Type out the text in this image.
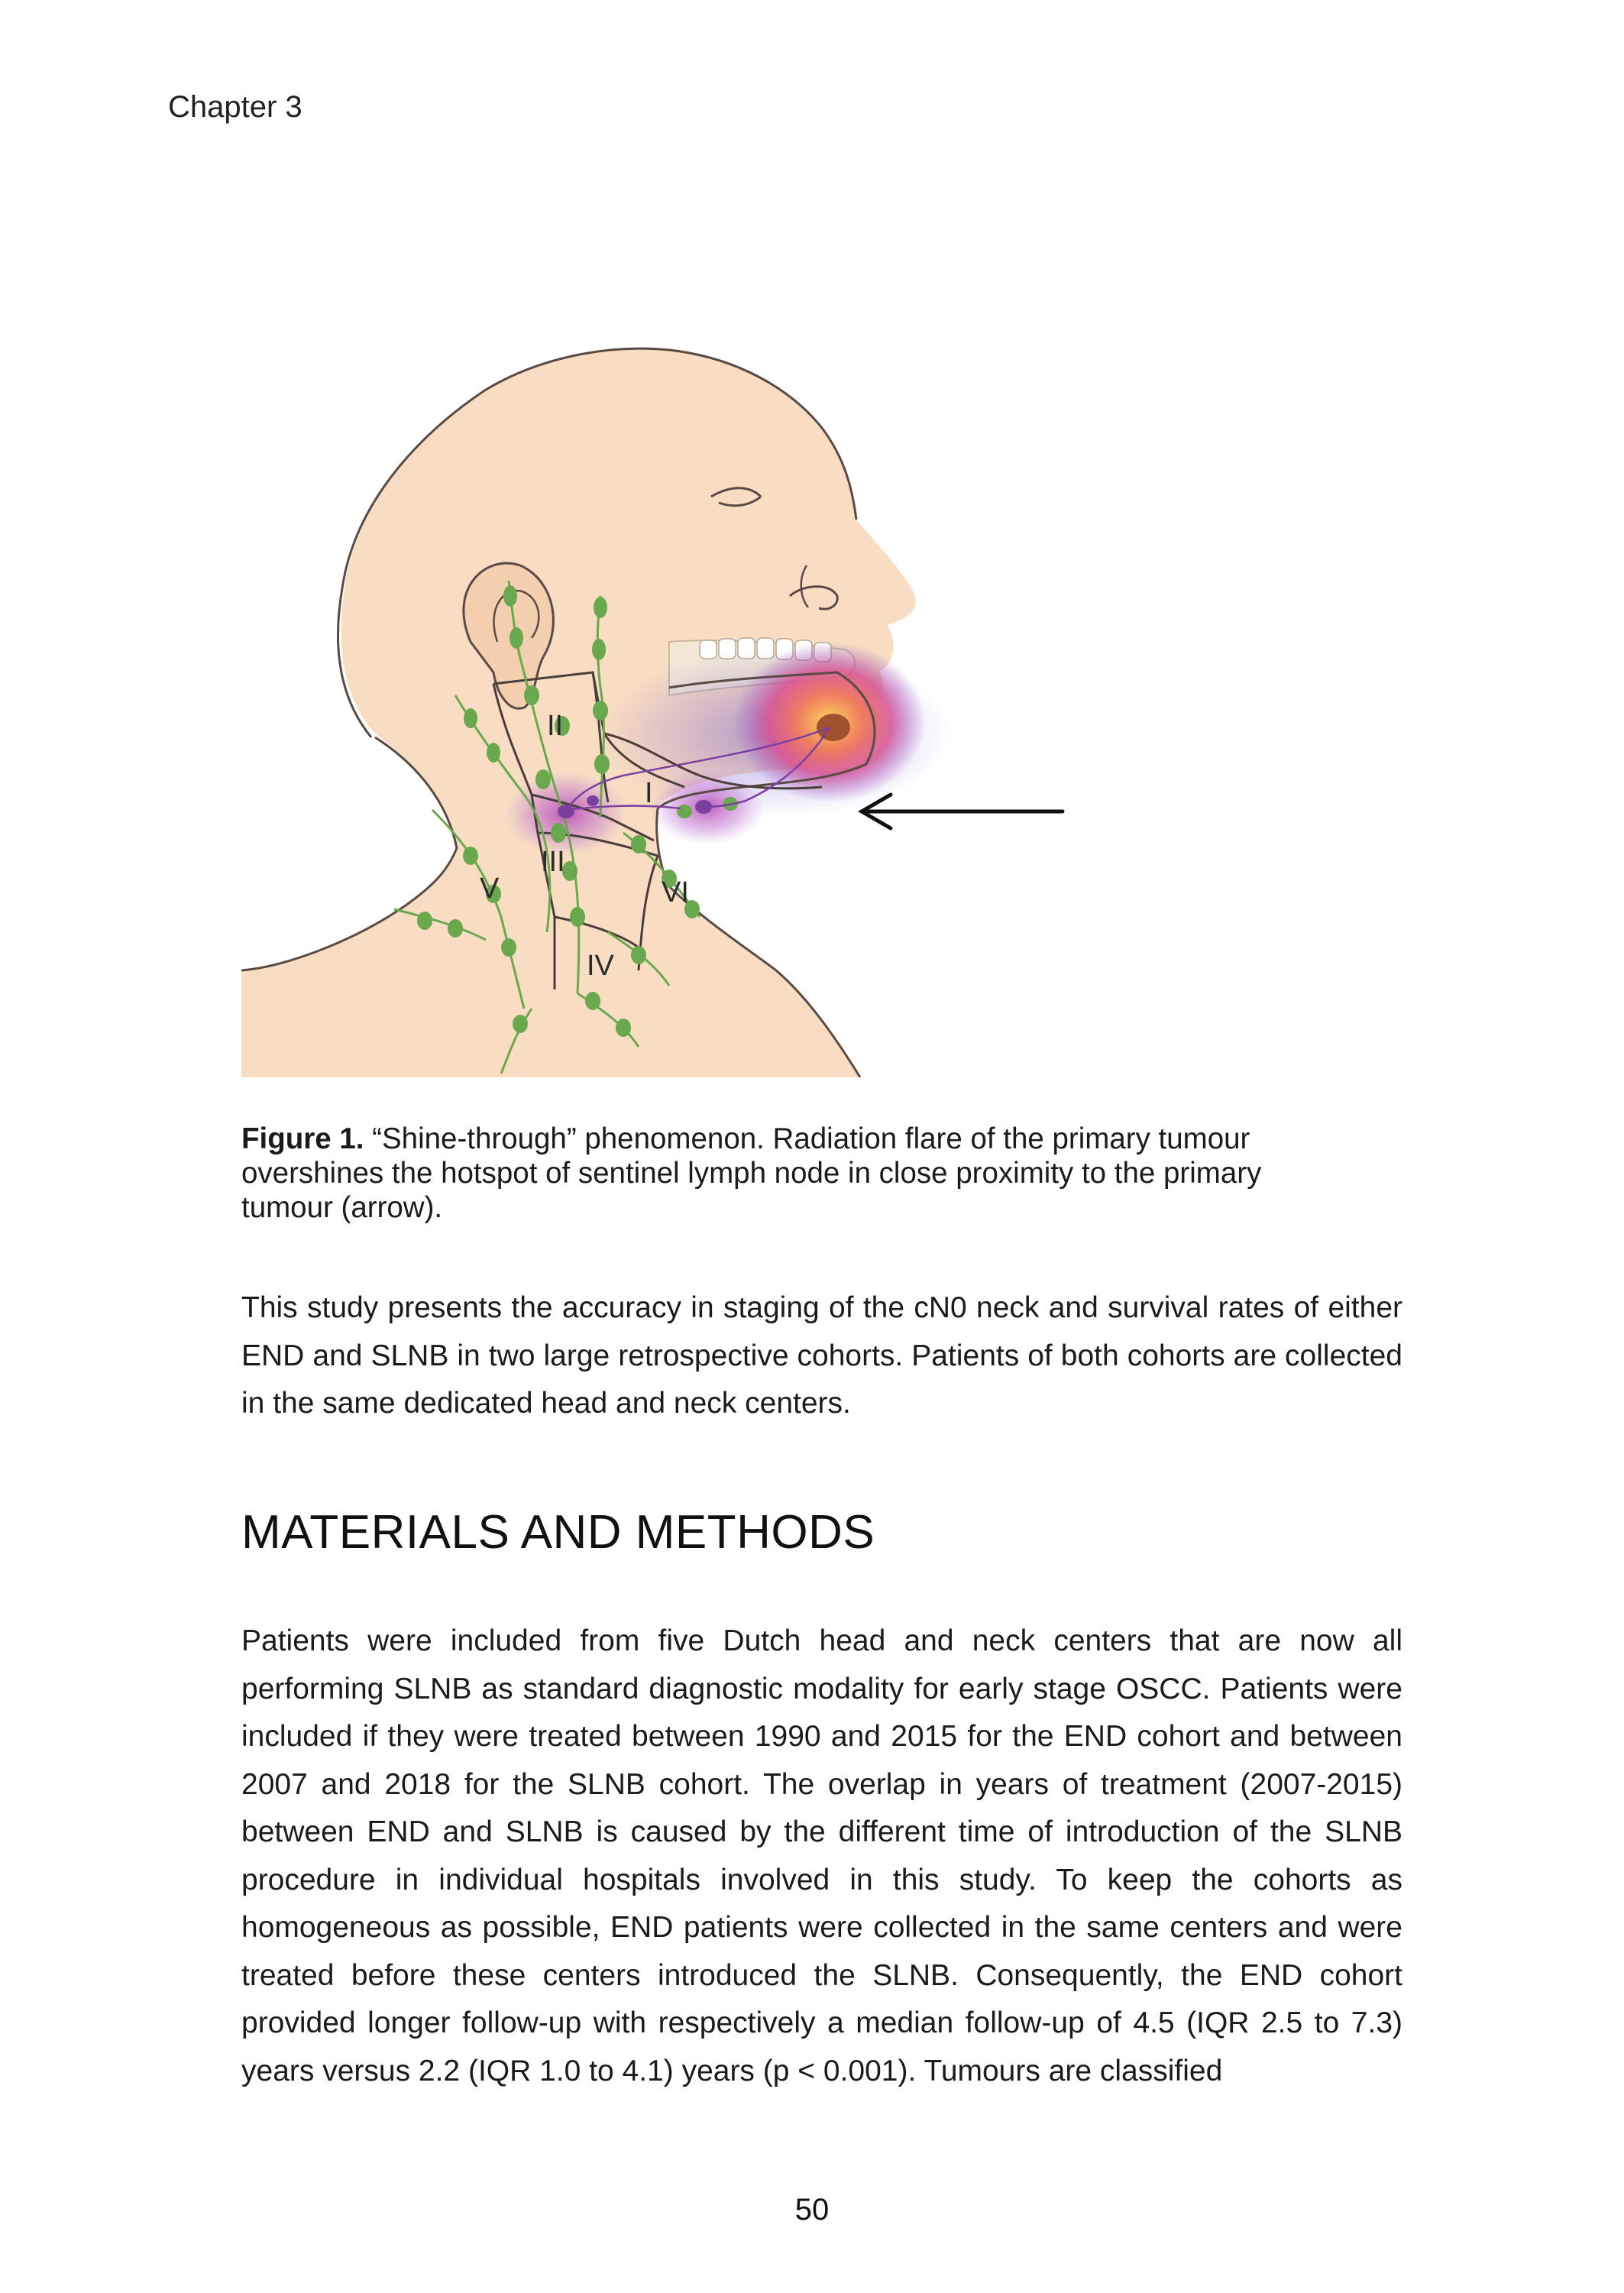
Chapter 3
II
I
III
V	VI
IV
Figure 1. “Shine-through” phenomenon. Radiation flare of the primary tumour overshines the hotspot of sentinel lymph node in close proximity to the primary tumour (arrow).

This study presents the accuracy in staging of the cN0 neck and survival rates of either END and SLNB in two large retrospective cohorts. Patients of both cohorts are collected in the same dedicated head and neck centers.

MATERIALS AND METHODS

Patients were included from five Dutch head and neck centers that are now all performing SLNB as standard diagnostic modality for early stage OSCC. Patients were included if they were treated between 1990 and 2015 for the END cohort and between 2007 and 2018 for the SLNB cohort. The overlap in years of treatment (2007-2015) between END and SLNB is caused by the different time of introduction of the SLNB procedure in individual hospitals involved in this study. To keep the cohorts as homogeneous as possible, END patients were collected in the same centers and were treated before these centers introduced the SLNB. Consequently, the END cohort provided longer follow-up with respectively a median follow-up of 4.5 (IQR 2.5 to 7.3) years versus 2.2 (IQR 1.0 to 4.1) years (p < 0.001). Tumours are classified

50
